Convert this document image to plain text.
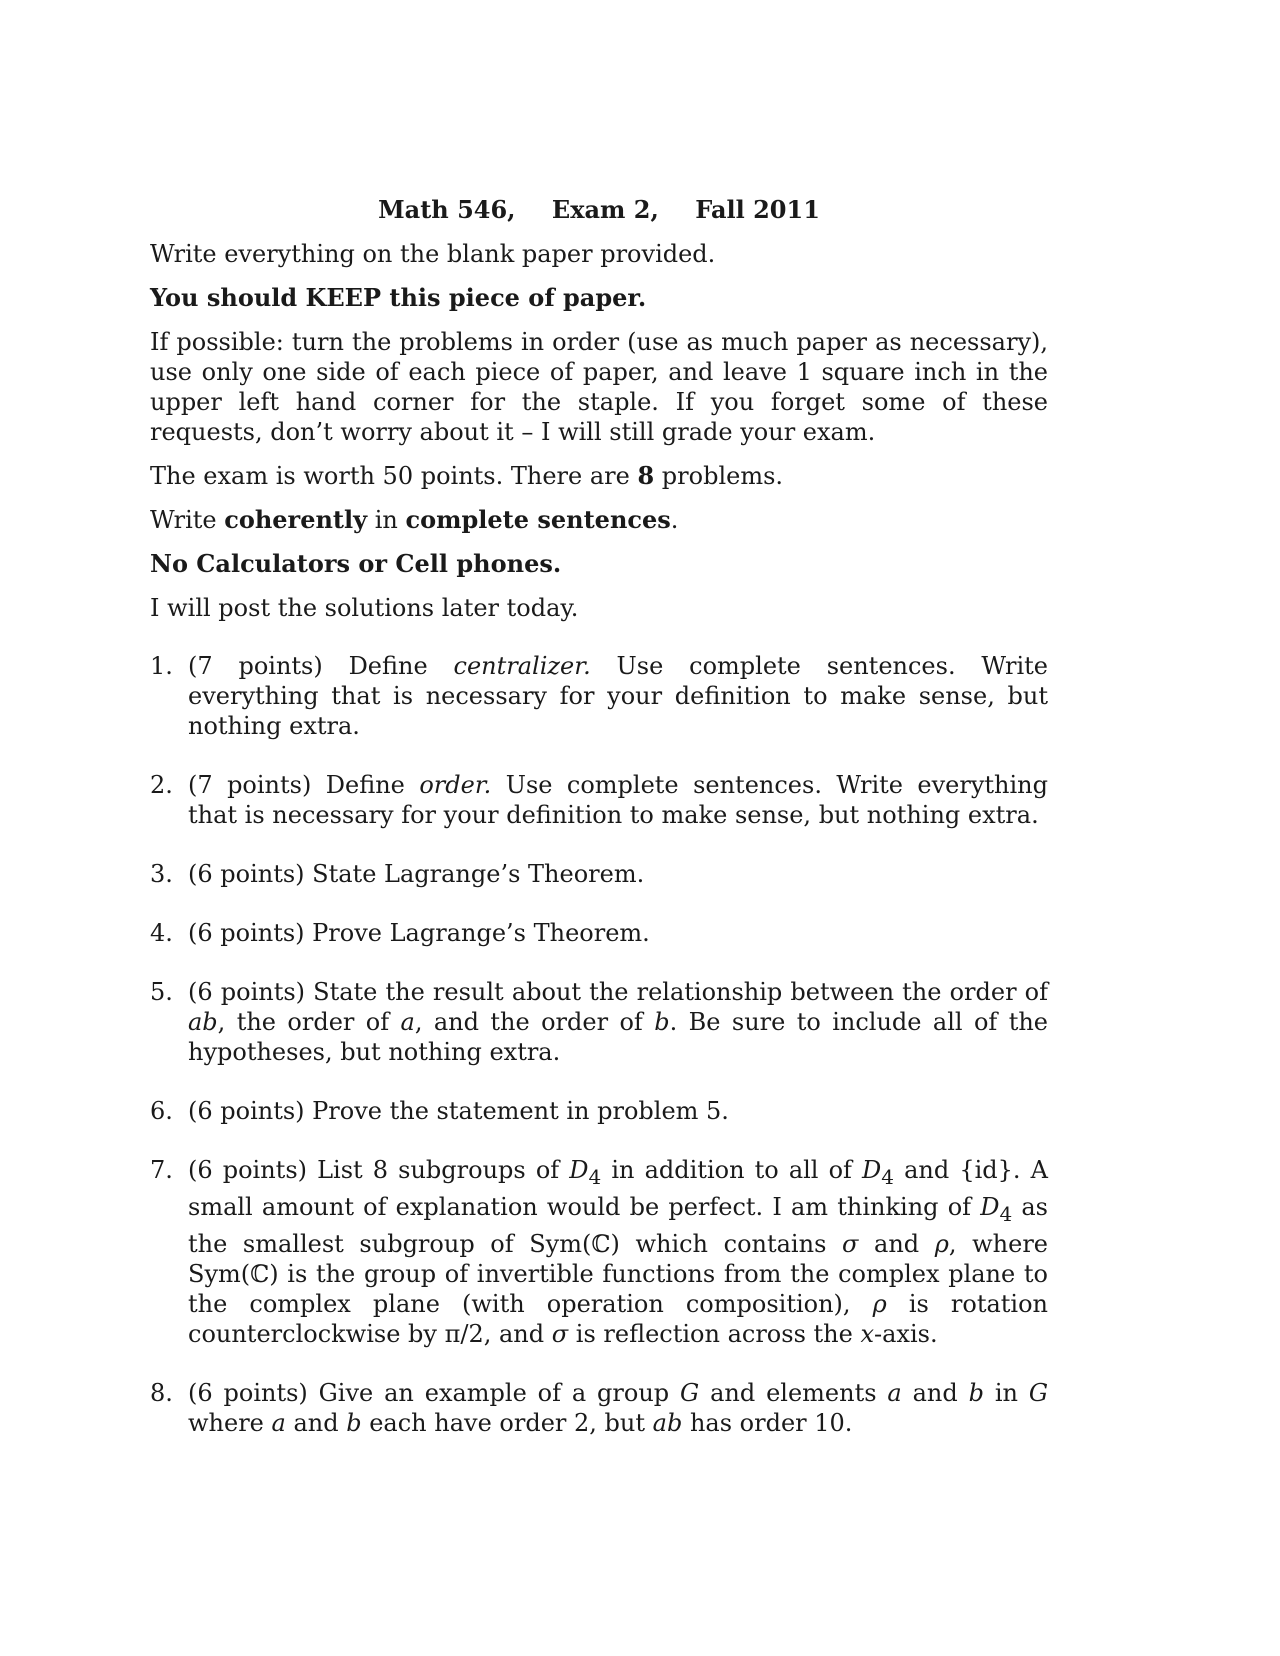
Math 546, Exam 2, Fall 2011

Write everything on the blank paper provided.

You should KEEP this piece of paper.

If possible: turn the problems in order (use as much paper as necessary), use only one side of each piece of paper, and leave 1 square inch in the upper left hand corner for the staple. If you forget some of these requests, don’t worry about it – I will still grade your exam.

The exam is worth 50 points. There are 8 problems.

Write coherently in complete sentences.

No Calculators or Cell phones.

I will post the solutions later today.

1. (7 points) Define centralizer. Use complete sentences. Write everything that is necessary for your definition to make sense, but nothing extra.
2. (7 points) Define order. Use complete sentences. Write everything that is necessary for your definition to make sense, but nothing extra.
3. (6 points) State Lagrange’s Theorem.
4. (6 points) Prove Lagrange’s Theorem.
5. (6 points) State the result about the relationship between the order of ab, the order of a, and the order of b. Be sure to include all of the hypotheses, but nothing extra.
6. (6 points) Prove the statement in problem 5.
7. (6 points) List 8 subgroups of $D_4$ in addition to all of $D_4$ and {id}. A small amount of explanation would be perfect. I am thinking of $D_4$ as the smallest subgroup of Sym(ℂ) which contains σ and ρ, where Sym(ℂ) is the group of invertible functions from the complex plane to the complex plane (with operation composition), ρ is rotation counterclockwise by π/2, and σ is reflection across the x-axis.
8. (6 points) Give an example of a group G and elements a and b in G where a and b each have order 2, but ab has order 10.
